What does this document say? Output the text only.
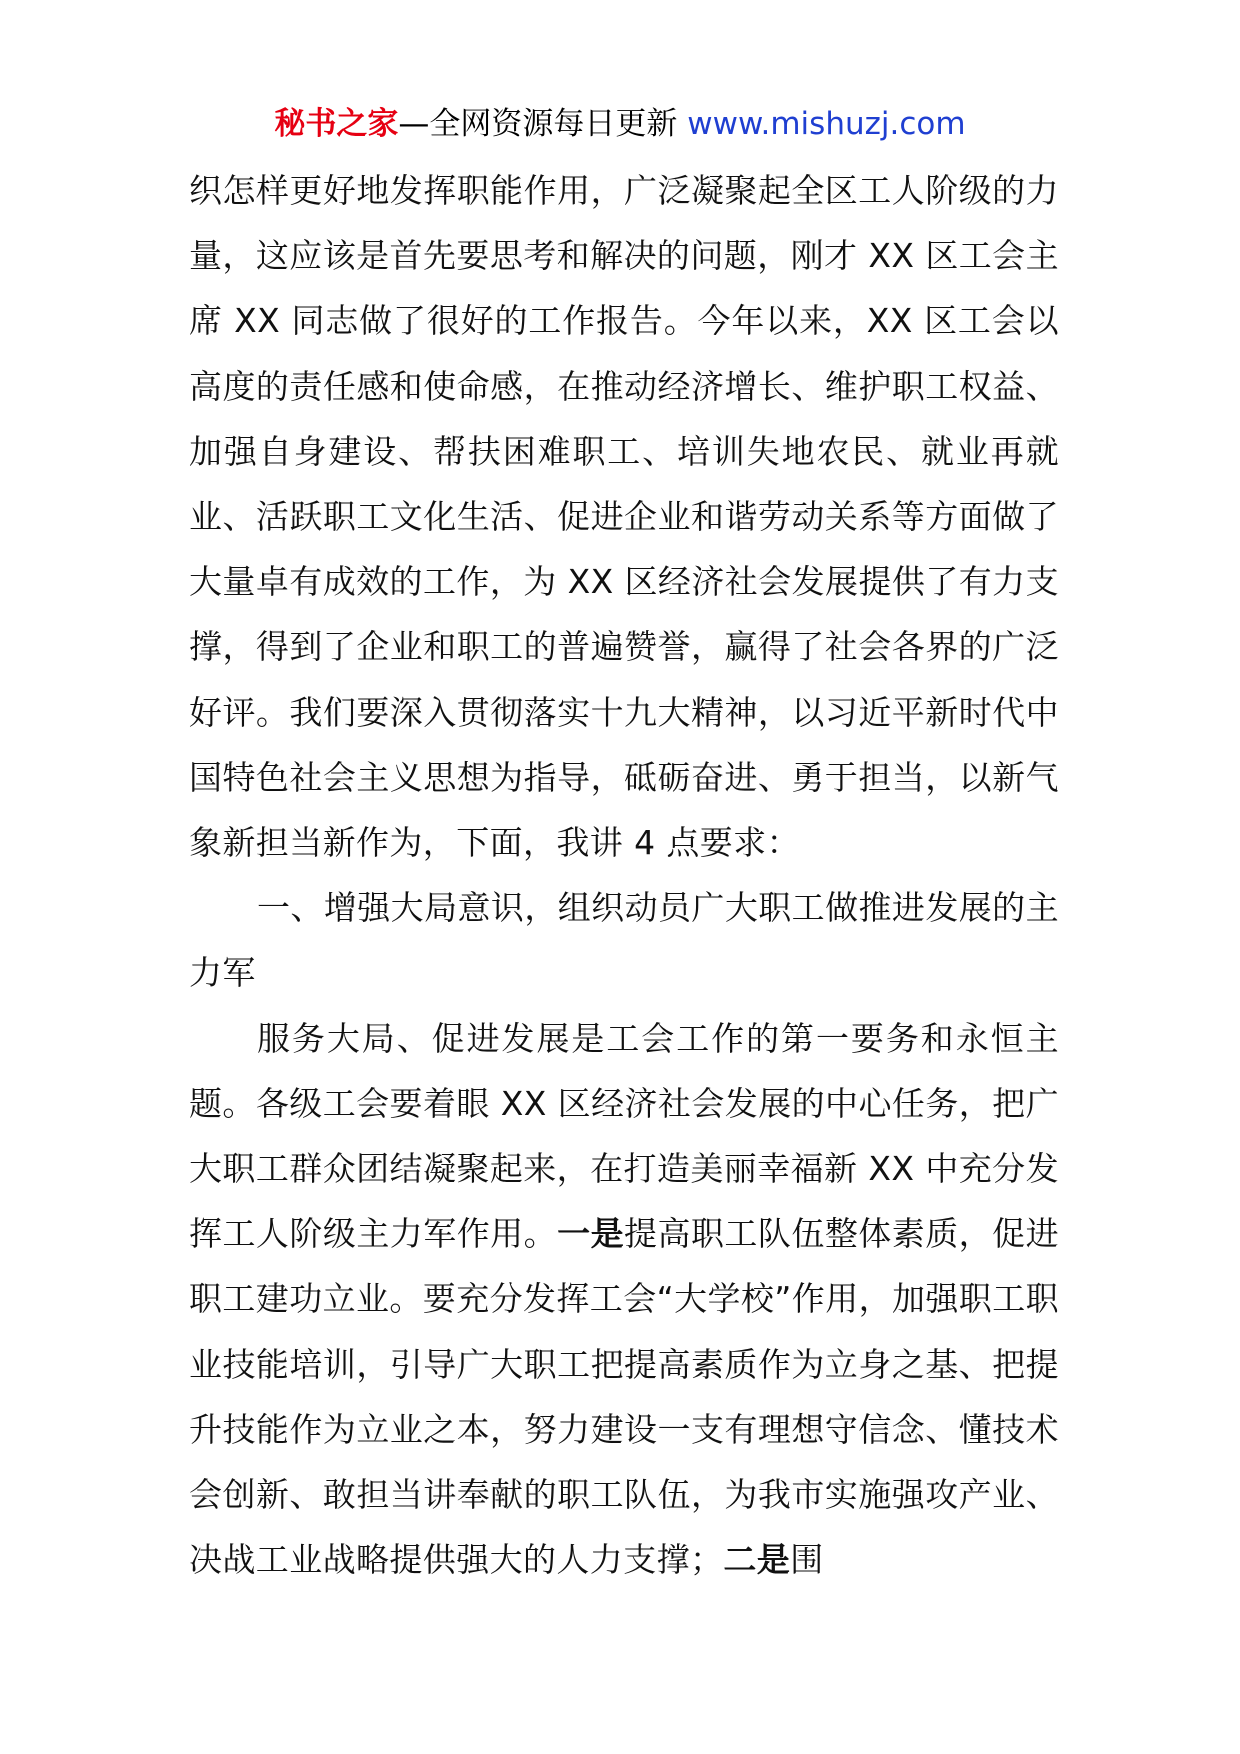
秘书之家—全网资源每日更新 www.mishuzj.com

织怎样更好地发挥职能作用，广泛凝聚起全区工人阶级的力量，这应该是首先要思考和解决的问题，刚才 XX 区工会主席 XX 同志做了很好的工作报告。今年以来，XX 区工会以高度的责任感和使命感，在推动经济增长、维护职工权益、加强自身建设、帮扶困难职工、培训失地农民、就业再就业、活跃职工文化生活、促进企业和谐劳动关系等方面做了大量卓有成效的工作，为 XX 区经济社会发展提供了有力支撑，得到了企业和职工的普遍赞誉，赢得了社会各界的广泛好评。我们要深入贯彻落实十九大精神，以习近平新时代中国特色社会主义思想为指导，砥砺奋进、勇于担当，以新气象新担当新作为，下面，我讲 4 点要求：

一、增强大局意识，组织动员广大职工做推进发展的主力军

服务大局、促进发展是工会工作的第一要务和永恒主题。各级工会要着眼 XX 区经济社会发展的中心任务，把广大职工群众团结凝聚起来，在打造美丽幸福新 XX 中充分发挥工人阶级主力军作用。一是提高职工队伍整体素质，促进职工建功立业。要充分发挥工会“大学校”作用，加强职工职业技能培训，引导广大职工把提高素质作为立身之基、把提升技能作为立业之本，努力建设一支有理想守信念、懂技术会创新、敢担当讲奉献的职工队伍，为我市实施强攻产业、决战工业战略提供强大的人力支撑；二是围
